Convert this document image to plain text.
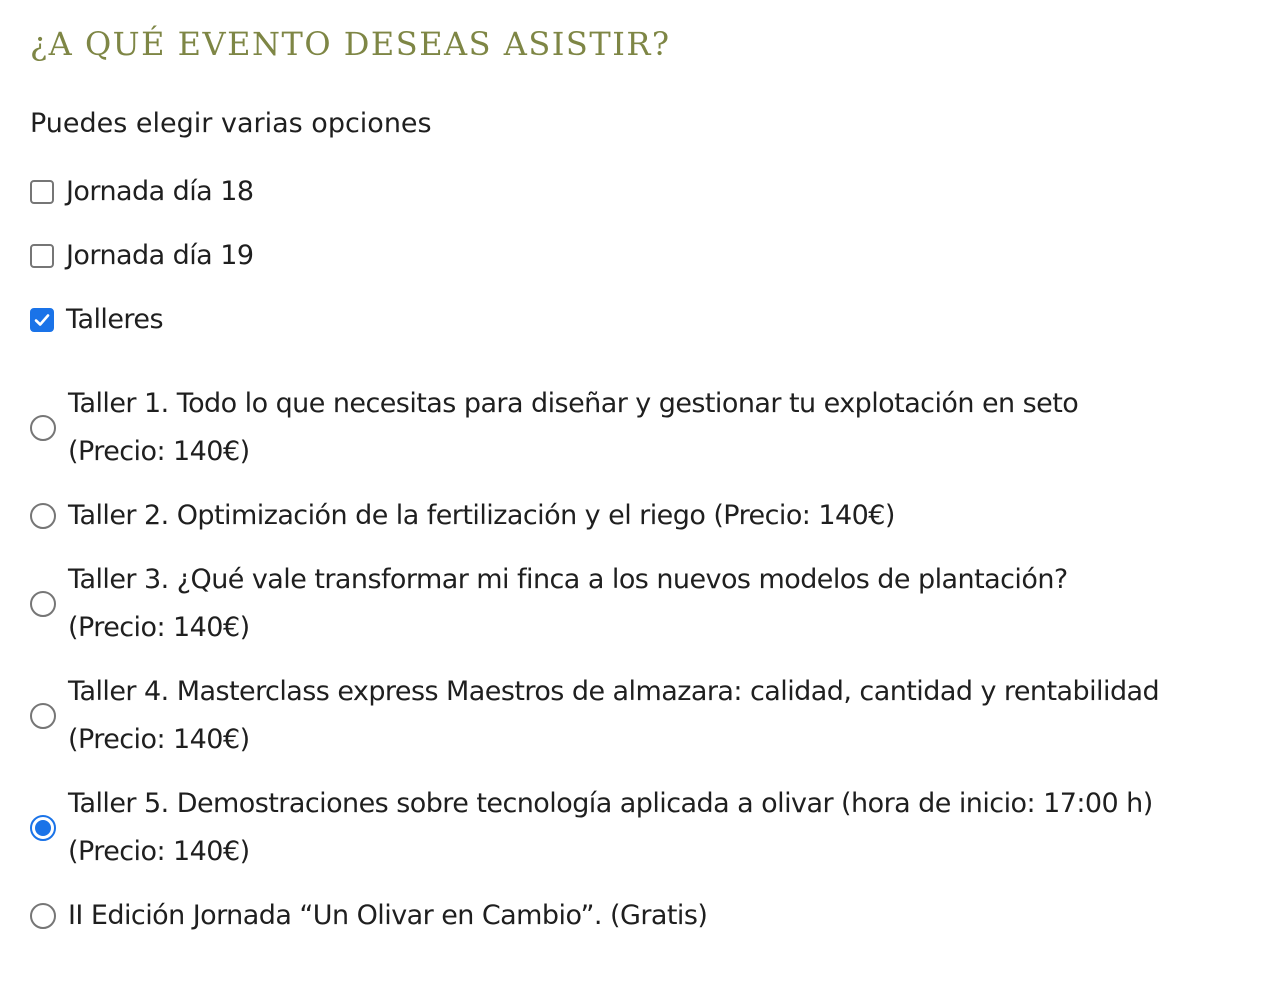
¿A QUÉ EVENTO DESEAS ASISTIR?
Puedes elegir varias opciones
Jornada día 18
Jornada día 19
Talleres
Taller 1. Todo lo que necesitas para diseñar y gestionar tu explotación en seto
(Precio: 140€)
Taller 2. Optimización de la fertilización y el riego (Precio: 140€)
Taller 3. ¿Qué vale transformar mi finca a los nuevos modelos de plantación?
(Precio: 140€)
Taller 4. Masterclass express Maestros de almazara: calidad, cantidad y rentabilidad
(Precio: 140€)
Taller 5. Demostraciones sobre tecnología aplicada a olivar (hora de inicio: 17:00 h)
(Precio: 140€)
II Edición Jornada “Un Olivar en Cambio”. (Gratis)
